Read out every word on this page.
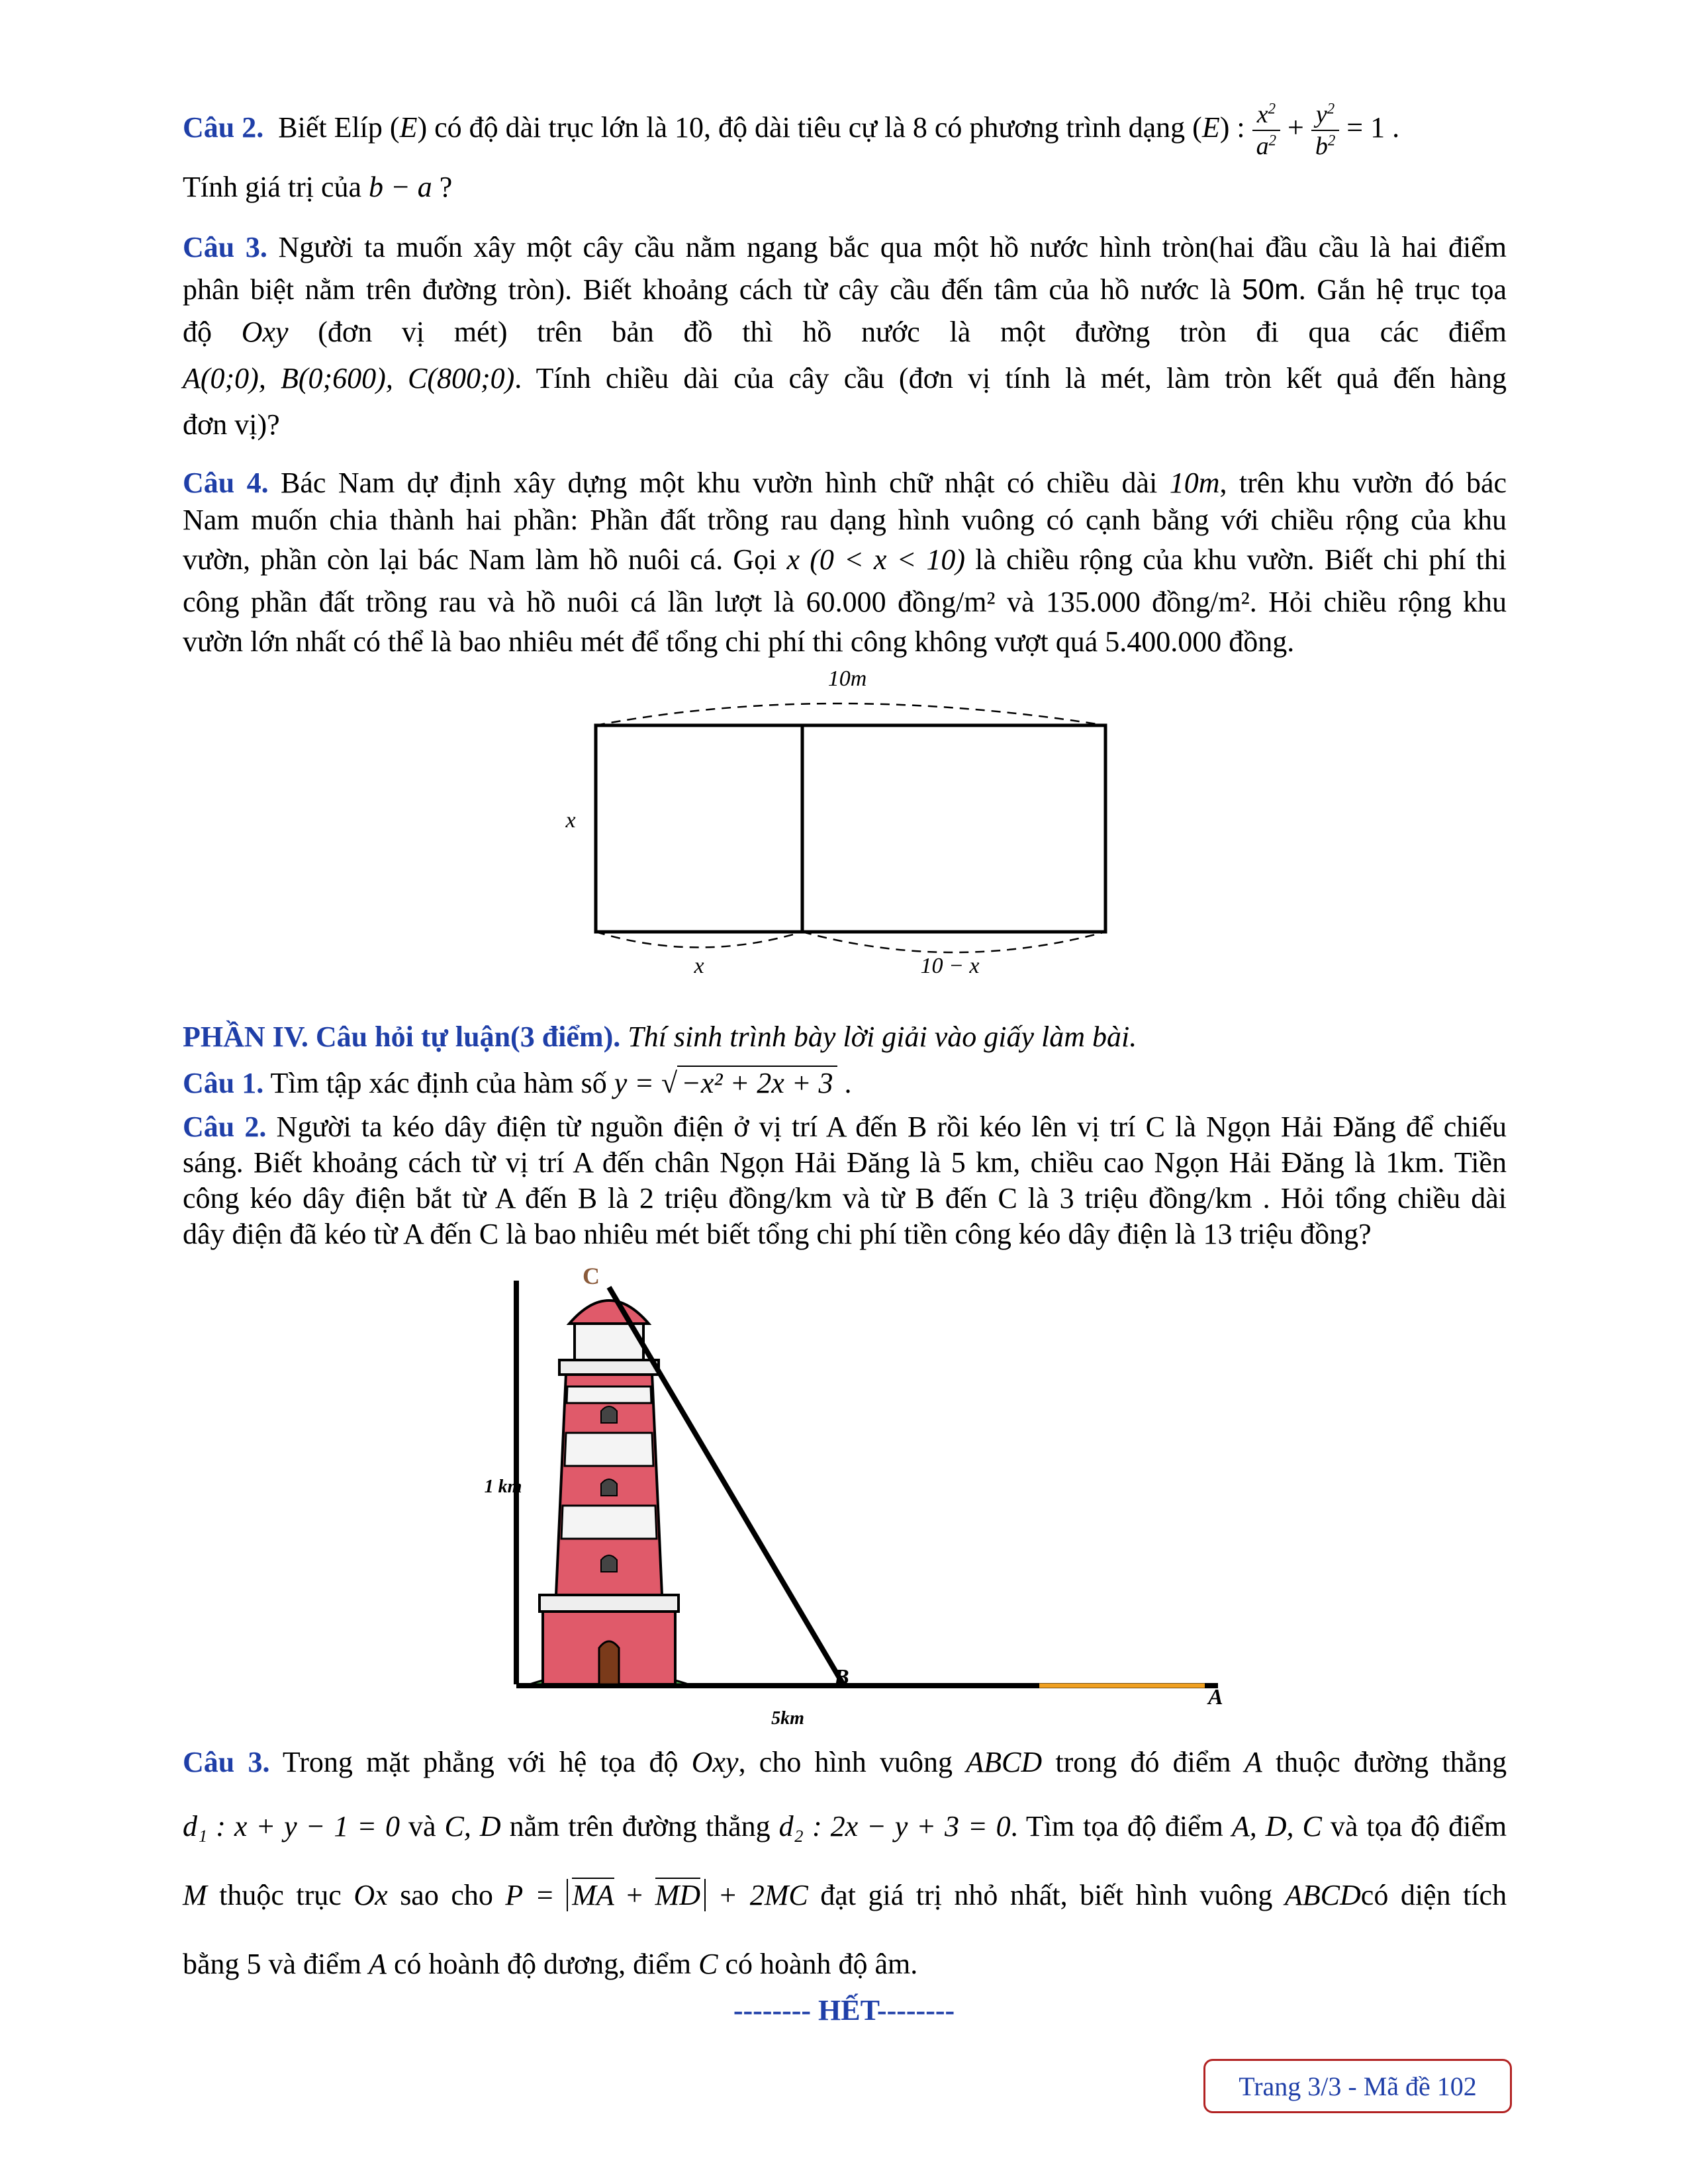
Câu 2. Biết Elíp (E) có độ dài trục lớn là 10, độ dài tiêu cự là 8 có phương trình dạng (E) : $\frac{x^2}{a^2} + \frac{y^2}{b^2} = 1$ .

Tính giá trị của b − a ?

Câu 3. Người ta muốn xây một cây cầu nằm ngang bắc qua một hồ nước hình tròn(hai đầu cầu là hai điểm

phân biệt nằm trên đường tròn). Biết khoảng cách từ cây cầu đến tâm của hồ nước là 50m. Gắn hệ trục tọa

độ Oxy (đơn vị mét) trên bản đồ thì hồ nước là một đường tròn đi qua các điểm

A(0;0), B(0;600), C(800;0). Tính chiều dài của cây cầu (đơn vị tính là mét, làm tròn kết quả đến hàng

đơn vị)?

Câu 4. Bác Nam dự định xây dựng một khu vườn hình chữ nhật có chiều dài 10m, trên khu vườn đó bác

Nam muốn chia thành hai phần: Phần đất trồng rau dạng hình vuông có cạnh bằng với chiều rộng của khu

vườn, phần còn lại bác Nam làm hồ nuôi cá. Gọi x (0 < x < 10) là chiều rộng của khu vườn. Biết chi phí thi

công phần đất trồng rau và hồ nuôi cá lần lượt là 60.000 đồng/m² và 135.000 đồng/m². Hỏi chiều rộng khu

vườn lớn nhất có thể là bao nhiêu mét để tổng chi phí thi công không vượt quá 5.400.000 đồng.

10m
x
x	10 − x

PHẦN IV. Câu hỏi tự luận(3 điểm). Thí sinh trình bày lời giải vào giấy làm bài.

Câu 1. Tìm tập xác định của hàm số y = √ −x² + 2x + 3 .

Câu 2. Người ta kéo dây điện từ nguồn điện ở vị trí A đến B rồi kéo lên vị trí C là Ngọn Hải Đăng để chiếu

sáng. Biết khoảng cách từ vị trí A đến chân Ngọn Hải Đăng là 5 km, chiều cao Ngọn Hải Đăng là 1km. Tiền

công kéo dây điện bắt từ A đến B là 2 triệu đồng/km và từ B đến C là 3 triệu đồng/km . Hỏi tổng chiều dài

dây điện đã kéo từ A đến C là bao nhiêu mét biết tổng chi phí tiền công kéo dây điện là 13 triệu đồng?

1 km
5km
C
B
A

Câu 3. Trong mặt phẳng với hệ tọa độ Oxy, cho hình vuông ABCD trong đó điểm A thuộc đường thẳng

d₁ : x + y − 1 = 0 và C, D nằm trên đường thẳng d₂ : 2x − y + 3 = 0. Tìm tọa độ điểm A, D, C và tọa độ điểm

M thuộc trục Ox sao cho P = MA + MD + 2MC đạt giá trị nhỏ nhất, biết hình vuông ABCDcó diện tích

bằng 5 và điểm A có hoành độ dương, điểm C có hoành độ âm.

-------- HẾT--------
Trang 3/3 - Mã đề 102
